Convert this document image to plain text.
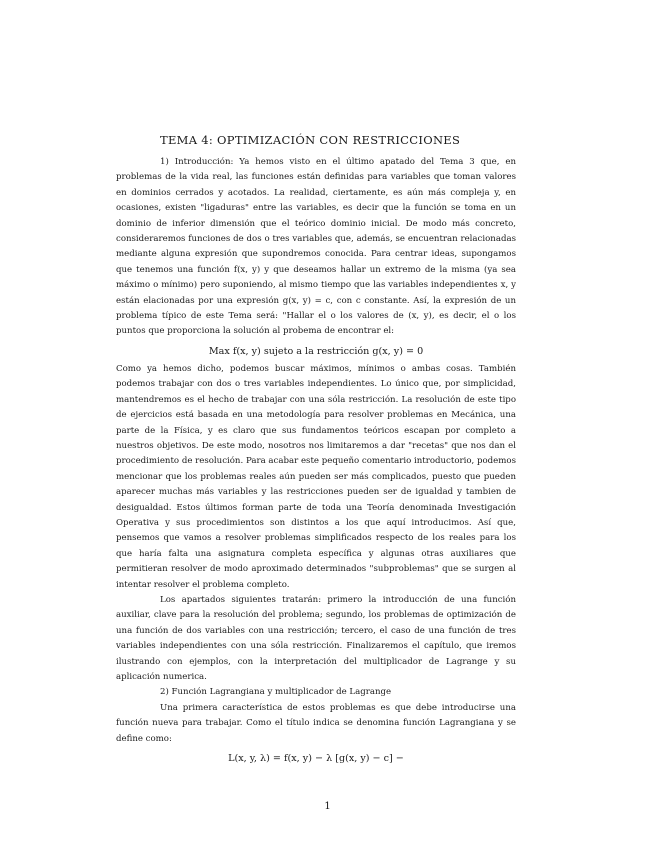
TEMA 4: OPTIMIZACIÓN CON RESTRICCIONES

1) Introducción: Ya hemos visto en el último apatado del Tema 3 que, en problemas de la vida real, las funciones están definidas para variables que toman valores en dominios cerrados y acotados. La realidad, ciertamente, es aún más compleja y, en ocasiones, existen "ligaduras" entre las variables, es decir que la función se toma en un dominio de inferior dimensión que el teórico dominio inicial. De modo más concreto, consideraremos funciones de dos o tres variables que, además, se encuentran relacionadas mediante alguna expresión que supondremos conocida. Para centrar ideas, supongamos que tenemos una función f(x, y) y que deseamos hallar un extremo de la misma (ya sea máximo o mínimo) pero suponiendo, al mismo tiempo que las variables independientes x, y están elacionadas por una expresión g(x, y) = c, con c constante. Así, la expresión de un problema típico de este Tema será: "Hallar el o los valores de (x, y), es decir, el o los puntos que proporciona la solución al probema de encontrar el:

Max f(x, y) sujeto a la restricción g(x, y) = 0

Como ya hemos dicho, podemos buscar máximos, mínimos o ambas cosas. También podemos trabajar con dos o tres variables independientes. Lo único que, por simplicidad, mantendremos es el hecho de trabajar con una sóla restricción. La resolución de este tipo de ejercicios está basada en una metodología para resolver problemas en Mecánica, una parte de la Física, y es claro que sus fundamentos teóricos escapan por completo a nuestros objetivos. De este modo, nosotros nos limitaremos a dar "recetas" que nos dan el procedimiento de resolución. Para acabar este pequeño comentario introductorio, podemos mencionar que los problemas reales aún pueden ser más complicados, puesto que pueden aparecer muchas más variables y las restricciones pueden ser de igualdad y tambien de desigualdad. Estos últimos forman parte de toda una Teoría denominada Investigación Operativa y sus procedimientos son distintos a los que aquí introducimos. Así que, pensemos que vamos a resolver problemas simplificados respecto de los reales para los que haría falta una asignatura completa específica y algunas otras auxiliares que permitieran resolver de modo aproximado determinados "subproblemas" que se surgen al intentar resolver el problema completo.

Los apartados siguientes tratarán: primero la introducción de una función auxiliar, clave para la resolución del problema; segundo, los problemas de optimización de una función de dos variables con una restricción; tercero, el caso de una función de tres variables independientes con una sóla restricción. Finalizaremos el capítulo, que iremos ilustrando con ejemplos, con la interpretación del multiplicador de Lagrange y su aplicación numerica.

2) Función Lagrangiana y multiplicador de Lagrange

Una primera característica de estos problemas es que debe introducirse una función nueva para trabajar. Como el título indica se denomina función Lagrangiana y se define como:

L(x, y, λ) = f(x, y) − λ [g(x, y) − c] −
1
